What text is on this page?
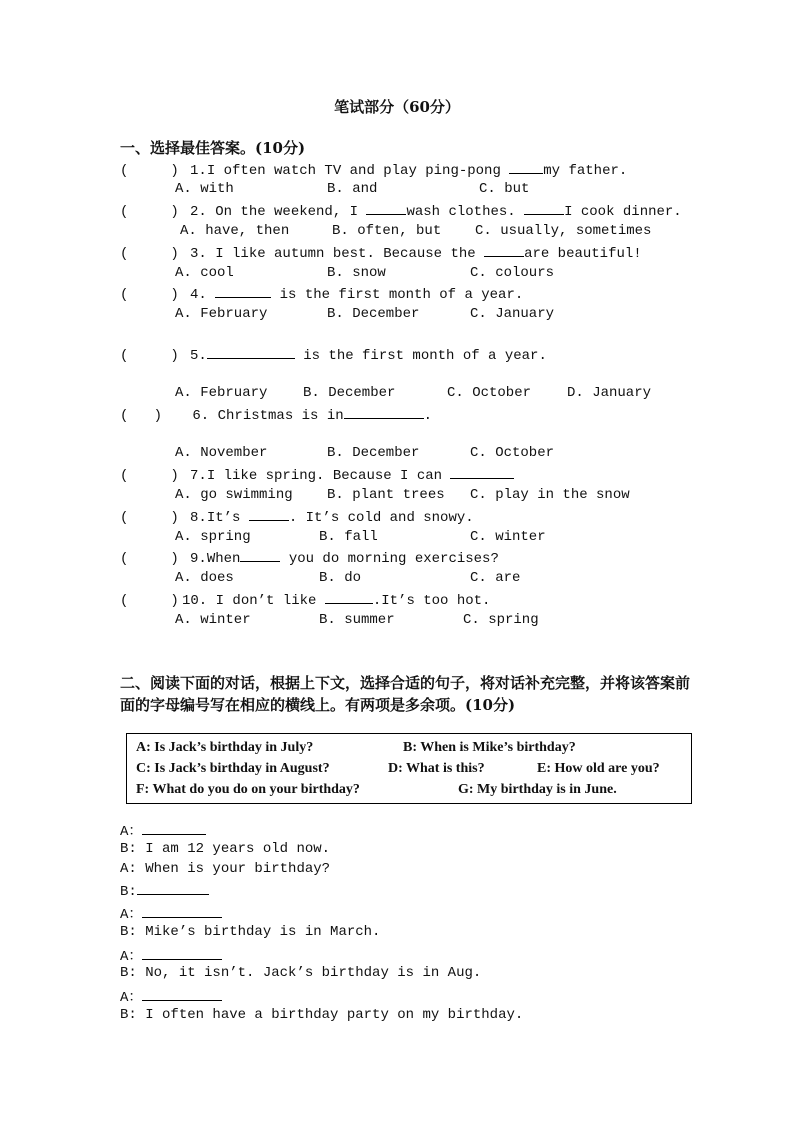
笔试部分（60分）
一、选择最佳答案。(10分)
(     ) 1.I often watch TV and play ping-pong my father.

A. with

	B. and

	C. but

(     ) 2. On the weekend, I	wash clothes.	I cook dinner.

A. have, then

	B. often, but

C. usually, sometimes

(     ) 3. I like autumn best. Because the	are beautiful!

A. cool

	B. snow

	C. colours

(     ) 4.	is the first month of a year.

A. February

	B. December

	C. January

(     ) 5.	is the first month of a year.

A. February

	B. December

	C. October

	D. January

(   ) 6. Christmas is in	.

A. November

	B. December

	C. October

(     ) 7.I like spring. Because I can

A. go swimming

B. plant trees

C. play in the snow

(     ) 8.It’s	. It’s cold and snowy.

A. spring

	B. fall

	C. winter

(     ) 9.When	you do morning exercises?

A. does

	B. do

	C. are

(     ) 10. I don’t like	.It’s too hot.

A. winter

	B. summer

	C. spring

二、阅读下面的对话，根据上下文，选择合适的句子，将对话补充完整，并将该答案前面的字母编号写在相应的横线上。有两项是多余项。(10分)
A: Is Jack’s birthday in July?	B: When is Mike’s birthday?
C: Is Jack’s birthday in August?	D: What is this?	E: How old are you?
F: What do you do on your birthday?	G: My birthday is in June.
A：
B: I am 12 years old now.
A: When is your birthday?
B:
A：
B: Mike’s birthday is in March.
A：
B: No, it isn’t. Jack’s birthday is in Aug.
A：
B: I often have a birthday party on my birthday.
